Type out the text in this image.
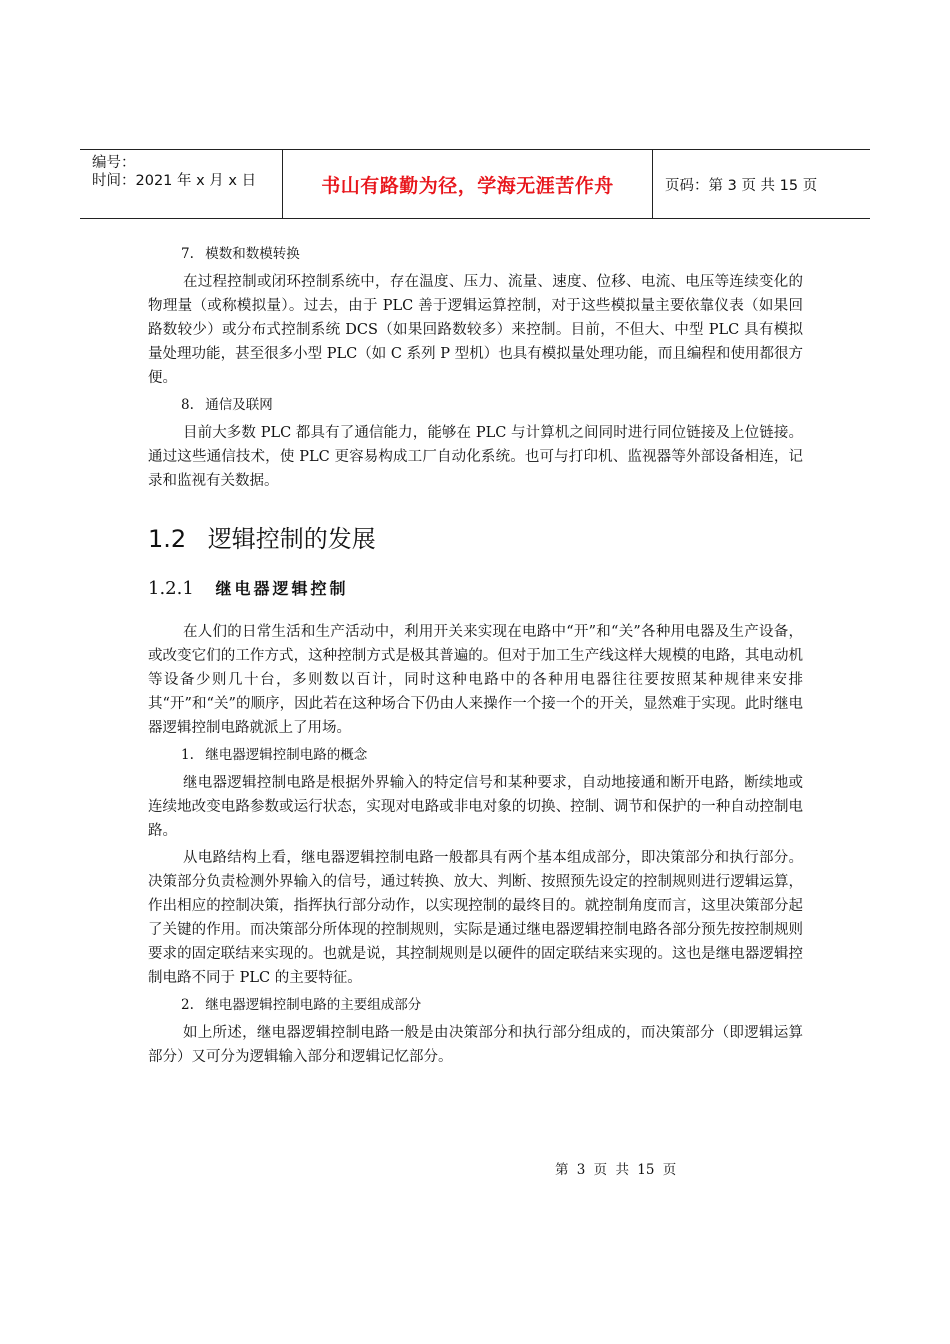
编号：
时间：2021 年 x 月 x 日	书山有路勤为径，学海无涯苦作舟	页码：第 3 页 共 15 页
7. 模数和数模转换

在过程控制或闭环控制系统中，存在温度、压力、流量、速度、位移、电流、电压等连续变化的物理量（或称模拟量）。过去，由于 PLC 善于逻辑运算控制，对于这些模拟量主要依靠仪表（如果回路数较少）或分布式控制系统 DCS（如果回路数较多）来控制。目前，不但大、中型 PLC 具有模拟量处理功能，甚至很多小型 PLC（如 C 系列 P 型机）也具有模拟量处理功能，而且编程和使用都很方便。

8. 通信及联网

目前大多数 PLC 都具有了通信能力，能够在 PLC 与计算机之间同时进行同位链接及上位链接。通过这些通信技术，使 PLC 更容易构成工厂自动化系统。也可与打印机、监视器等外部设备相连，记录和监视有关数据。

1.2 逻辑控制的发展
1.2.1 继电器逻辑控制

在人们的日常生活和生产活动中，利用开关来实现在电路中“开”和“关”各种用电器及生产设备，或改变它们的工作方式，这种控制方式是极其普遍的。但对于加工生产线这样大规模的电路，其电动机等设备少则几十台，多则数以百计，同时这种电路中的各种用电器往往要按照某种规律来安排其“开”和“关”的顺序，因此若在这种场合下仍由人来操作一个接一个的开关，显然难于实现。此时继电器逻辑控制电路就派上了用场。

1. 继电器逻辑控制电路的概念

继电器逻辑控制电路是根据外界输入的特定信号和某种要求，自动地接通和断开电路，断续地或连续地改变电路参数或运行状态，实现对电路或非电对象的切换、控制、调节和保护的一种自动控制电路。

从电路结构上看，继电器逻辑控制电路一般都具有两个基本组成部分，即决策部分和执行部分。决策部分负责检测外界输入的信号，通过转换、放大、判断、按照预先设定的控制规则进行逻辑运算，作出相应的控制决策，指挥执行部分动作，以实现控制的最终目的。就控制角度而言，这里决策部分起了关键的作用。而决策部分所体现的控制规则，实际是通过继电器逻辑控制电路各部分预先按控制规则要求的固定联结来实现的。也就是说，其控制规则是以硬件的固定联结来实现的。这也是继电器逻辑控制电路不同于 PLC 的主要特征。

2. 继电器逻辑控制电路的主要组成部分

如上所述，继电器逻辑控制电路一般是由决策部分和执行部分组成的，而决策部分（即逻辑运算部分）又可分为逻辑输入部分和逻辑记忆部分。

第 3 页 共 15 页
